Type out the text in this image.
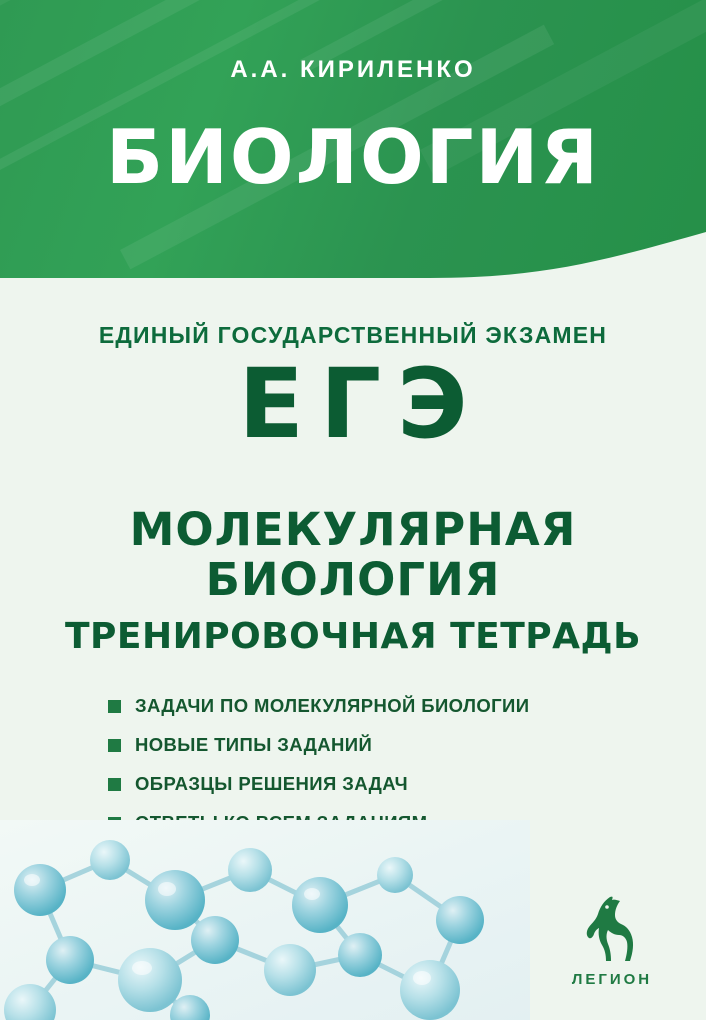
А.А. КИРИЛЕНКО
БИОЛОГИЯ
ЕДИНЫЙ ГОСУДАРСТВЕННЫЙ ЭКЗАМЕН
ЕГЭ
МОЛЕКУЛЯРНАЯ
БИОЛОГИЯ
ТРЕНИРОВОЧНАЯ ТЕТРАДЬ
ЗАДАЧИ ПО МОЛЕКУЛЯРНОЙ БИОЛОГИИ
НОВЫЕ ТИПЫ ЗАДАНИЙ
ОБРАЗЦЫ РЕШЕНИЯ ЗАДАЧ
ЛЕГИОН
